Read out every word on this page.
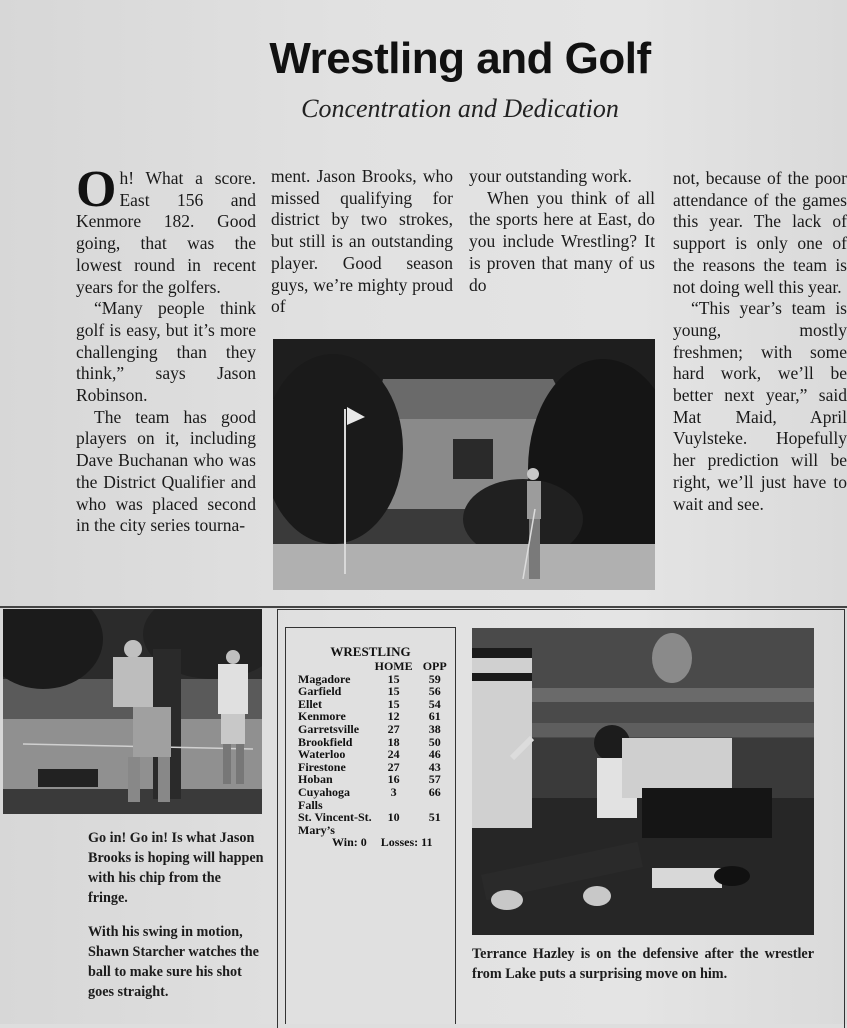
Wrestling and Golf
Concentration and Dedication

Oh! What a score. East 156 and Kenmore 182. Good going, that was the lowest round in recent years for the golfers.

“Many people think golf is easy, but it’s more challenging than they think,” says Jason Robinson.

The team has good players on it, including Dave Buchanan who was the District Qualifier and who was placed second in the city series tourna-

ment. Jason Brooks, who missed qualifying for district by two strokes, but still is an outstanding player. Good season guys, we’re mighty proud of

your outstanding work.

When you think of all the sports here at East, do you include Wrestling? It is proven that many of us do

not, because of the poor attendance of the games this year. The lack of support is only one of the reasons the team is not doing well this year.

“This year’s team is young, mostly freshmen; with some hard work, we’ll be better next year,” said Mat Maid, April Vuylsteke. Hopefully her prediction will be right, we’ll just have to wait and see.

Go in! Go in! Is what Jason Brooks is hoping will happen with his chip from the fringe.
With his swing in motion, Shawn Starcher watches the ball to make sure his shot goes straight.
WRESTLING
	HOME	OPP
Magadore	15	59
Garfield	15	56
Ellet	15	54
Kenmore	12	61
Garretsville	27	38
Brookfield	18	50
Waterloo	24	46
Firestone	27	43
Hoban	16	57
Cuyahoga Falls	3	66
St. Vincent-St. Mary’s	10	51
Win: 0	Losses: 11	
Terrance Hazley is on the defensive after the wrestler from Lake puts a surprising move on him.
